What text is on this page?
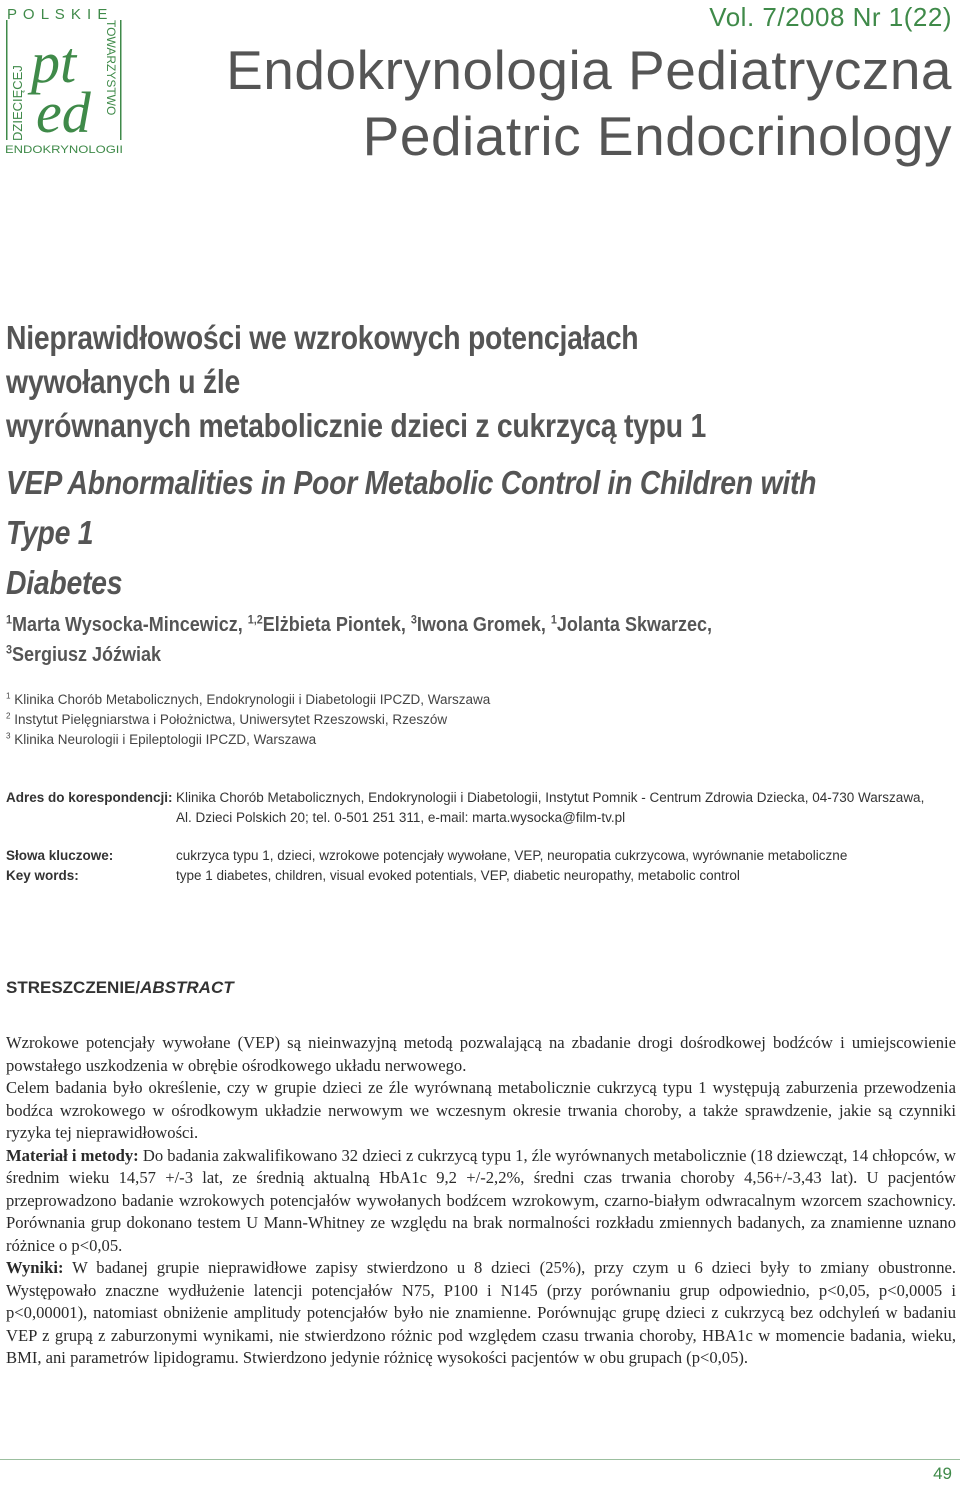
P O L S K I E
DZIECIĘCEJ	TOWARZYSTWO
pt
ed
ENDOKRYNOLOGII
Vol. 7/2008 Nr 1(22)
Endokrynologia Pediatryczna
Pediatric Endocrinology
Nieprawidłowości we wzrokowych potencjałach wywołanych u źle
wyrównanych metabolicznie dzieci z cukrzycą typu 1
VEP Abnormalities in Poor Metabolic Control in Children with Type 1
Diabetes
$^1$Marta Wysocka-Mincewicz, $^{1,2}$Elżbieta Piontek, $^3$Iwona Gromek, $^1$Jolanta Skwarzec,
$^3$Sergiusz Jóźwiak
$^1$ Klinika Chorób Metabolicznych, Endokrynologii i Diabetologii IPCZD, Warszawa
$^2$ Instytut Pielęgniarstwa i Położnictwa, Uniwersytet Rzeszowski, Rzeszów
$^3$ Klinika Neurologii i Epileptologii IPCZD, Warszawa
Adres do korespondencji: Klinika Chorób Metabolicznych, Endokrynologii i Diabetologii, Instytut Pomnik - Centrum Zdrowia Dziecka, 04-730 Warszawa,
Al. Dzieci Polskich 20; tel. 0-501 251 311, e-mail: marta.wysocka@film-tv.pl
Słowa kluczowe:	cukrzyca typu 1, dzieci, wzrokowe potencjały wywołane, VEP, neuropatia cukrzycowa, wyrównanie metaboliczne
Key words:	type 1 diabetes, children, visual evoked potentials, VEP, diabetic neuropathy, metabolic control
STRESZCZENIE/ABSTRACT

Wzrokowe potencjały wywołane (VEP) są nieinwazyjną metodą pozwalającą na zbadanie drogi dośrodkowej bodźców i umiejscowienie powstałego uszkodzenia w obrębie ośrodkowego układu nerwowego.

Celem badania było określenie, czy w grupie dzieci ze źle wyrównaną metabolicznie cukrzycą typu 1 występują zaburzenia przewodzenia bodźca wzrokowego w ośrodkowym układzie nerwowym we wczesnym okresie trwania choroby, a także sprawdzenie, jakie są czynniki ryzyka tej nieprawidłowości.

Materiał i metody: Do badania zakwalifikowano 32 dzieci z cukrzycą typu 1, źle wyrównanych metabolicznie (18 dziewcząt, 14 chłopców, w średnim wieku 14,57 +/-3 lat, ze średnią aktualną HbA1c 9,2 +/-2,2%, średni czas trwania choroby 4,56+/-3,43 lat). U pacjentów przeprowadzono badanie wzrokowych potencjałów wywołanych bodźcem wzrokowym, czarno-białym odwracalnym wzorcem szachownicy. Porównania grup dokonano testem U Mann-Whitney ze względu na brak normalności rozkładu zmiennych badanych, za znamienne uznano różnice o p<0,05.

Wyniki: W badanej grupie nieprawidłowe zapisy stwierdzono u 8 dzieci (25%), przy czym u 6 dzieci były to zmiany obustronne. Występowało znaczne wydłużenie latencji potencjałów N75, P100 i N145 (przy porównaniu grup odpowiednio, p<0,05, p<0,0005 i p<0,00001), natomiast obniżenie amplitudy potencjałów było nie znamienne. Porównując grupę dzieci z cukrzycą bez odchyleń w badaniu VEP z grupą z zaburzonymi wynikami, nie stwierdzono różnic pod względem czasu trwania choroby, HBA1c w momencie badania, wieku, BMI, ani parametrów lipidogramu. Stwierdzono jedynie różnicę wysokości pacjentów w obu grupach (p<0,05).

49
